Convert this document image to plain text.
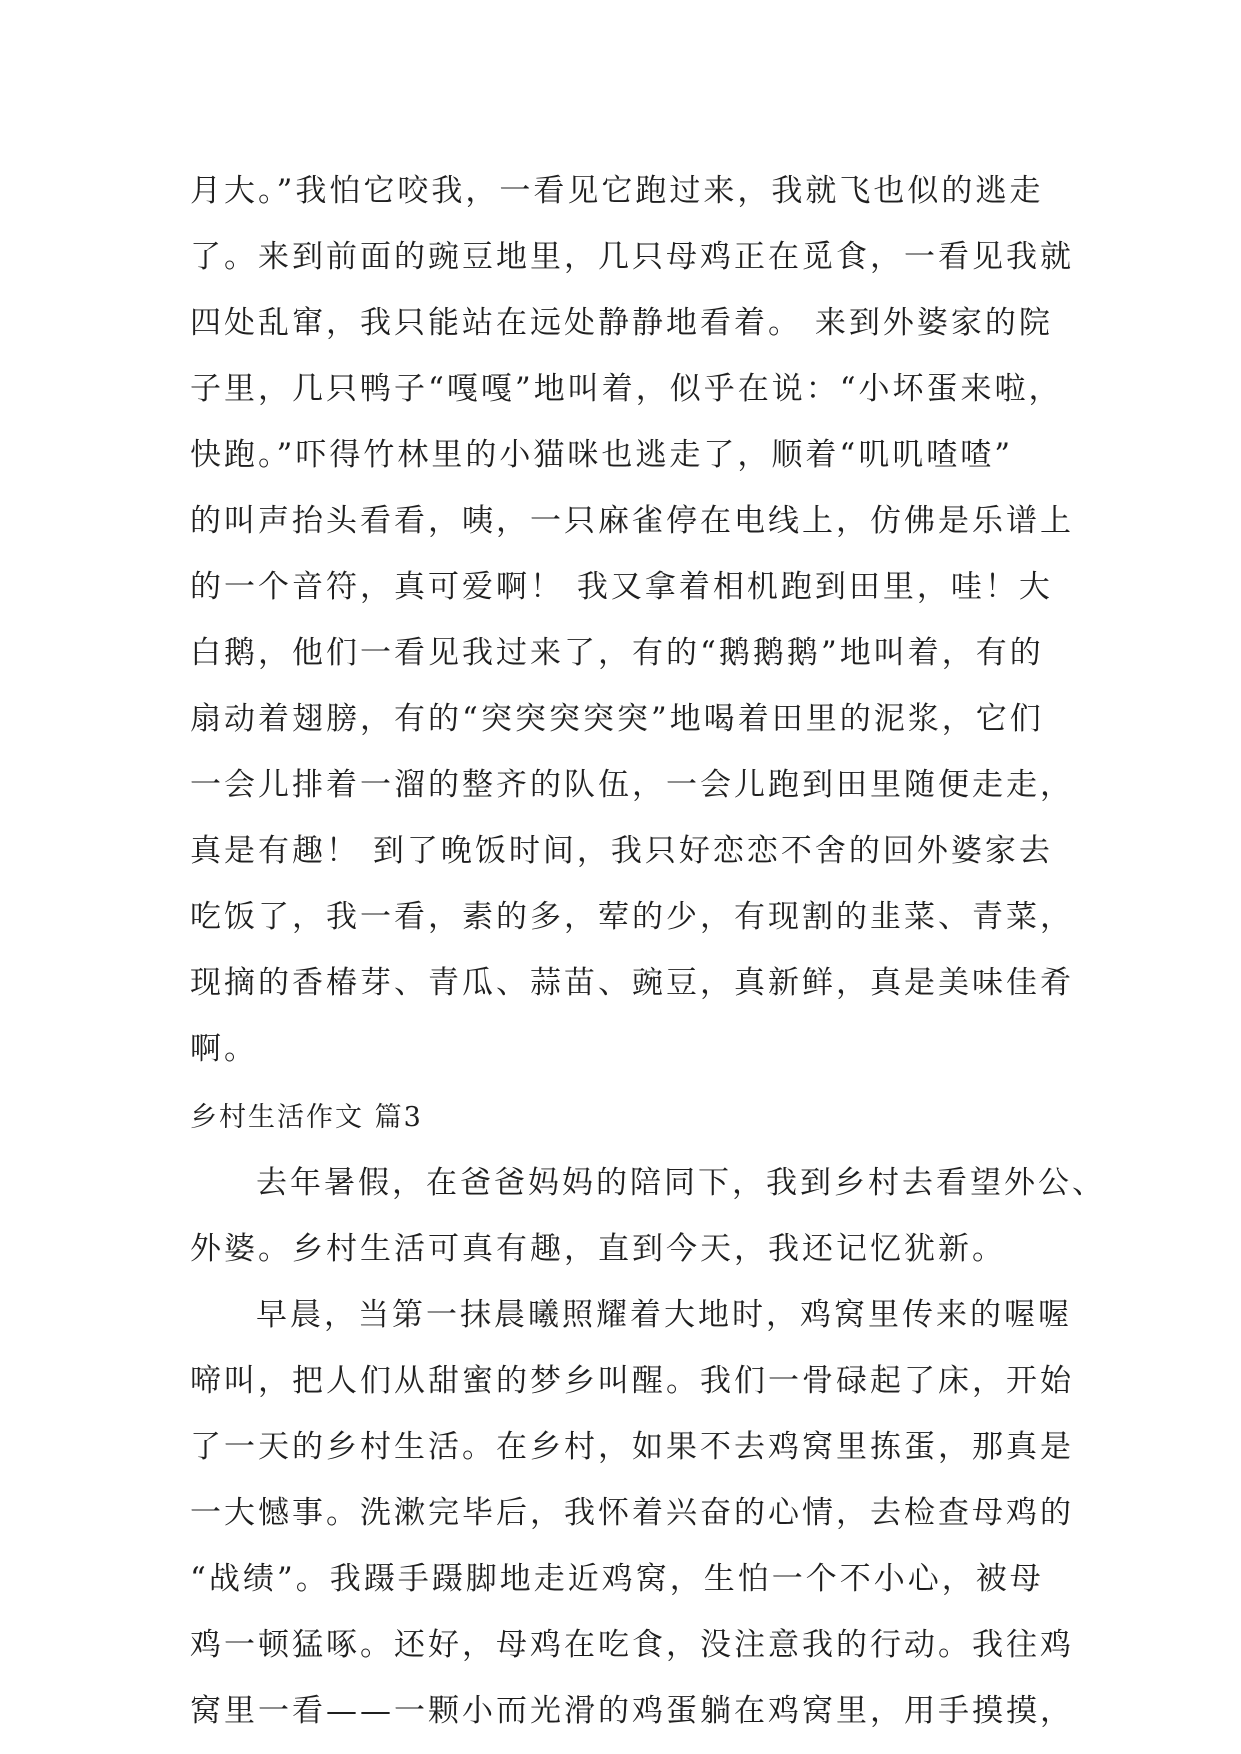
月大。”我怕它咬我，一看见它跑过来，我就飞也似的逃走
了。来到前面的豌豆地里，几只母鸡正在觅食，一看见我就
四处乱窜，我只能站在远处静静地看着。 来到外婆家的院
子里，几只鸭子“嘎嘎”地叫着，似乎在说：“小坏蛋来啦，
快跑。”吓得竹林里的小猫咪也逃走了，顺着“叽叽喳喳”
的叫声抬头看看，咦，一只麻雀停在电线上，仿佛是乐谱上
的一个音符，真可爱啊！ 我又拿着相机跑到田里，哇！大
白鹅，他们一看见我过来了，有的“鹅鹅鹅”地叫着，有的
扇动着翅膀，有的“突突突突突”地喝着田里的泥浆，它们
一会儿排着一溜的整齐的队伍，一会儿跑到田里随便走走，
真是有趣！ 到了晚饭时间，我只好恋恋不舍的回外婆家去
吃饭了，我一看，素的多，荤的少，有现割的韭菜、青菜，
现摘的香椿芽、青瓜、蒜苗、豌豆，真新鲜，真是美味佳肴
啊。
乡村生活作文 篇3
去年暑假，在爸爸妈妈的陪同下，我到乡村去看望外公、
外婆。乡村生活可真有趣，直到今天，我还记忆犹新。
早晨，当第一抹晨曦照耀着大地时，鸡窝里传来的喔喔
啼叫，把人们从甜蜜的梦乡叫醒。我们一骨碌起了床，开始
了一天的乡村生活。在乡村，如果不去鸡窝里拣蛋，那真是
一大憾事。洗漱完毕后，我怀着兴奋的心情，去检查母鸡的
“战绩”。我蹑手蹑脚地走近鸡窝，生怕一个不小心，被母
鸡一顿猛啄。还好，母鸡在吃食，没注意我的行动。我往鸡
窝里一看——一颗小而光滑的鸡蛋躺在鸡窝里，用手摸摸，
